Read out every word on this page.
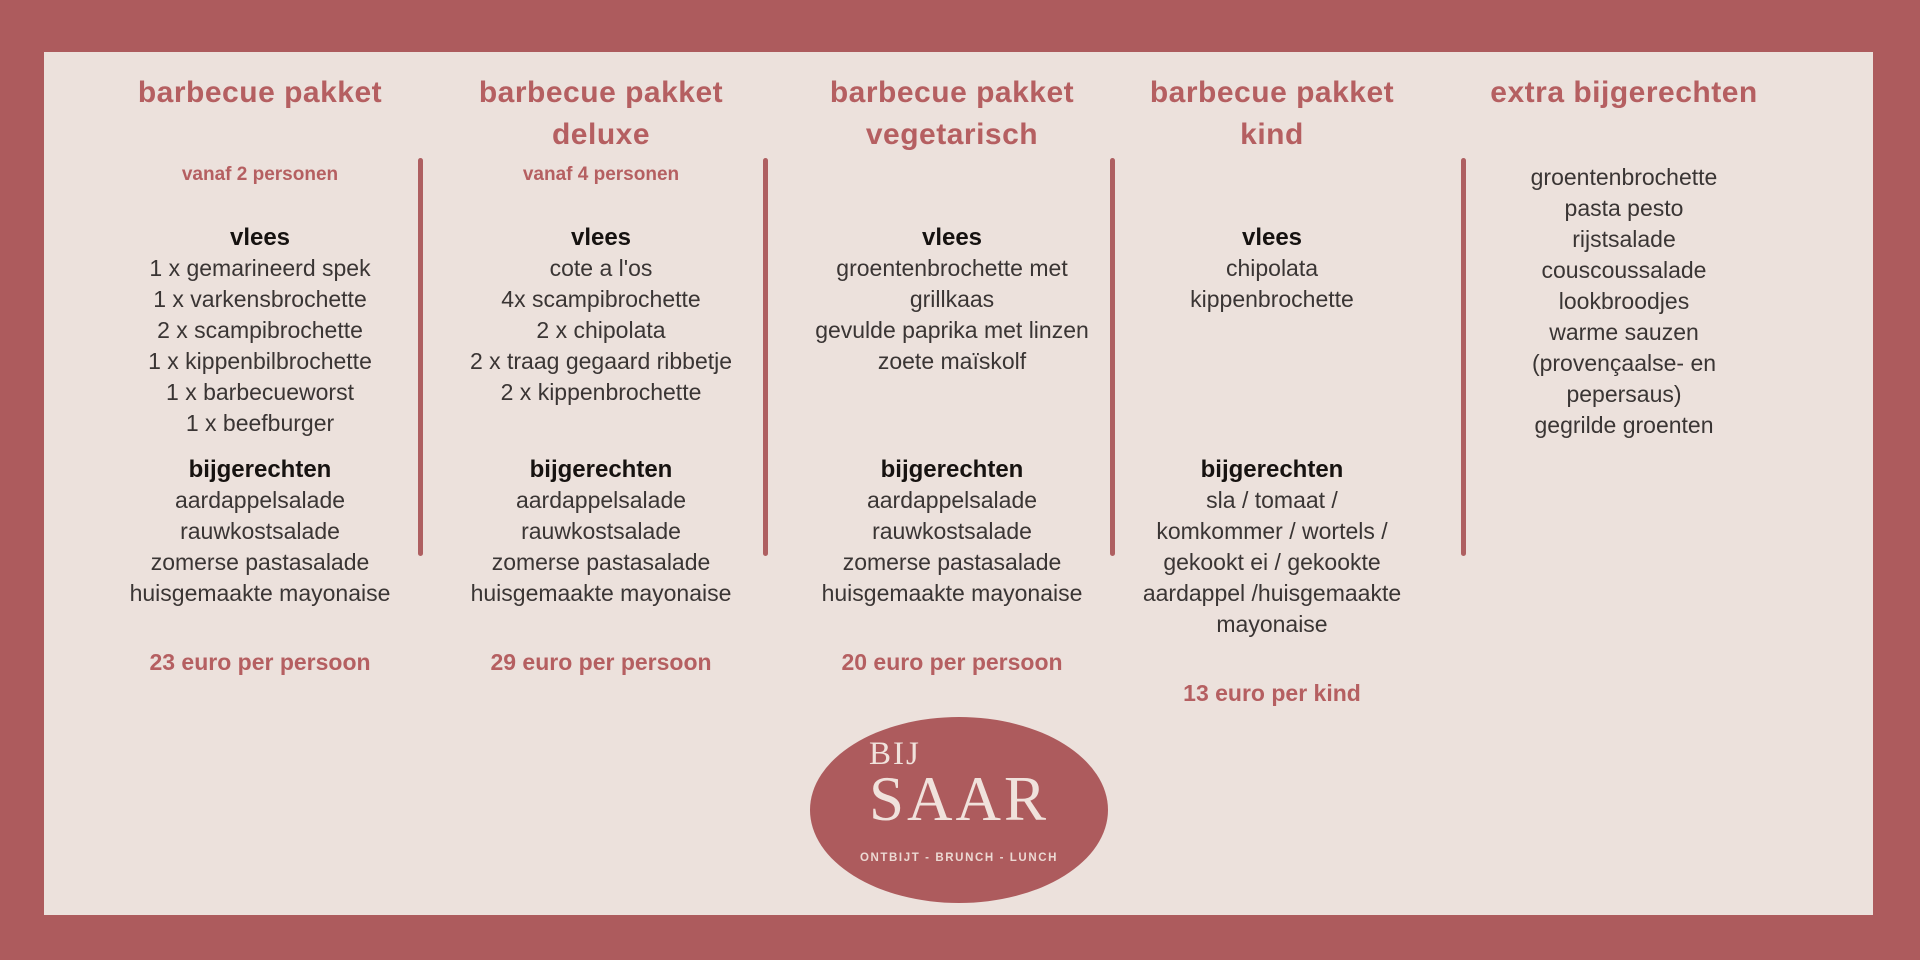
barbecue pakket
vanaf 2 personen
vlees
1 x gemarineerd spek
1 x varkensbrochette
2 x scampibrochette
1 x kippenbilbrochette
1 x barbecueworst
1 x beefburger
bijgerechten
aardappelsalade
rauwkostsalade
zomerse pastasalade
huisgemaakte mayonaise
23 euro per persoon
barbecue pakket
deluxe
vanaf 4 personen
vlees
cote a l'os
4x scampibrochette
2 x chipolata
2 x traag gegaard ribbetje
2 x kippenbrochette
bijgerechten
aardappelsalade
rauwkostsalade
zomerse pastasalade
huisgemaakte mayonaise
29 euro per persoon
barbecue pakket
vegetarisch
vlees
groentenbrochette met
grillkaas
gevulde paprika met linzen
zoete maïskolf
bijgerechten
aardappelsalade
rauwkostsalade
zomerse pastasalade
huisgemaakte mayonaise
20 euro per persoon
barbecue pakket
kind
vlees
chipolata
kippenbrochette
bijgerechten
sla / tomaat /
komkommer / wortels /
gekookt ei / gekookte
aardappel /huisgemaakte
mayonaise
13 euro per kind
extra bijgerechten
groentenbrochette
pasta pesto
rijstsalade
couscoussalade
lookbroodjes
warme sauzen
(provençaalse- en
pepersaus)
gegrilde groenten
BIJ
SAAR
ONTBIJT - BRUNCH - LUNCH
